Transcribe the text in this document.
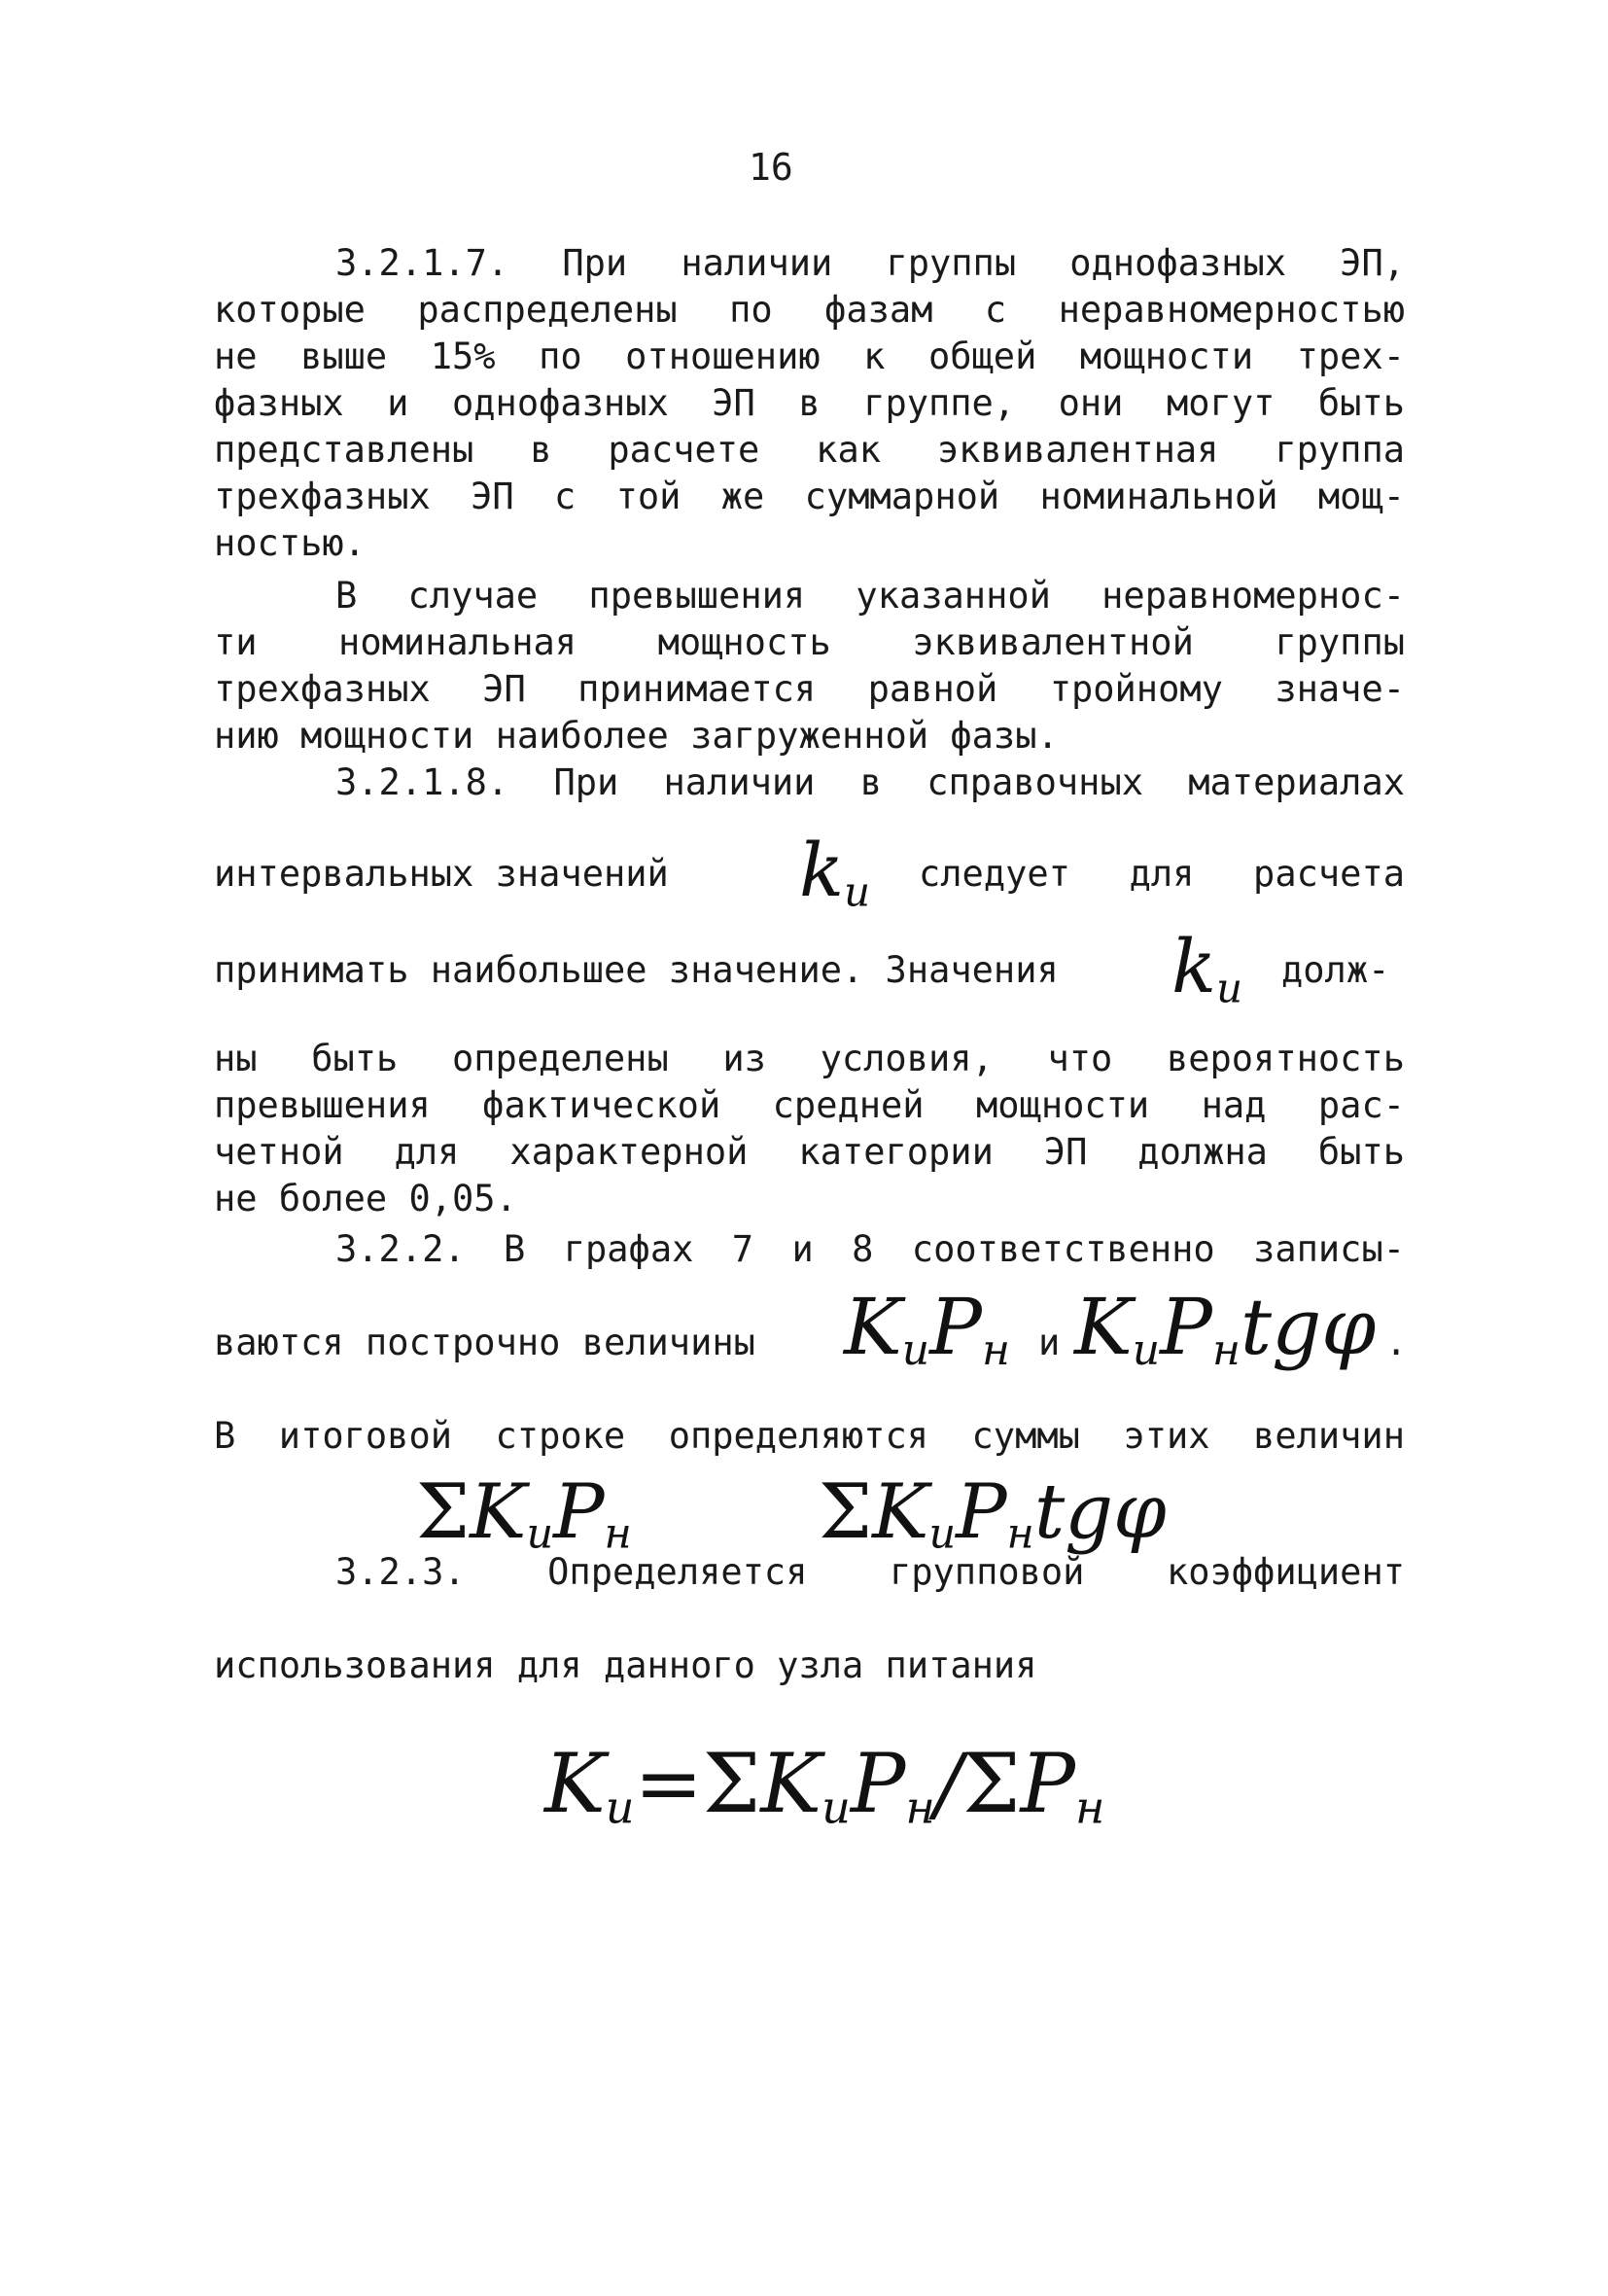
16
3.2.1.7. При наличии группы однофазных ЭП,
которые распределены по фазам с неравномерностью
не выше 15% по отношению к общей мощности трех-
фазных и однофазных ЭП в группе, они могут быть
представлены в расчете как эквивалентная группа
трехфазных ЭП с той же суммарной номинальной мощ-
ностью.
В случае превышения указанной неравномернос-
ти номинальная мощность эквивалентной группы
трехфазных ЭП принимается равной тройному значе-
нию мощности наиболее загруженной фазы.
3.2.1.8. При наличии в справочных материалах
интервальных значений	$k_и$ следует для расчета
принимать наибольшее значение. Значения	$k_и$ долж-
ны быть определены из условия, что вероятность
превышения фактической средней мощности над рас-
четной для характерной категории ЭП должна быть
не более 0,05.
3.2.2. В графах 7 и 8 соответственно записы-
ваются построчно величины	$K_иP_н$ и $K_иP_нtg\varphi$ .
В итоговой строке определяются суммы этих величин
$\Sigma K_иP_н$ $\Sigma K_иP_нtg\varphi$
3.2.3. Определяется групповой коэффициент
использования для данного узла питания
$K_и=\Sigma K_иP_н/\Sigma P_н$
